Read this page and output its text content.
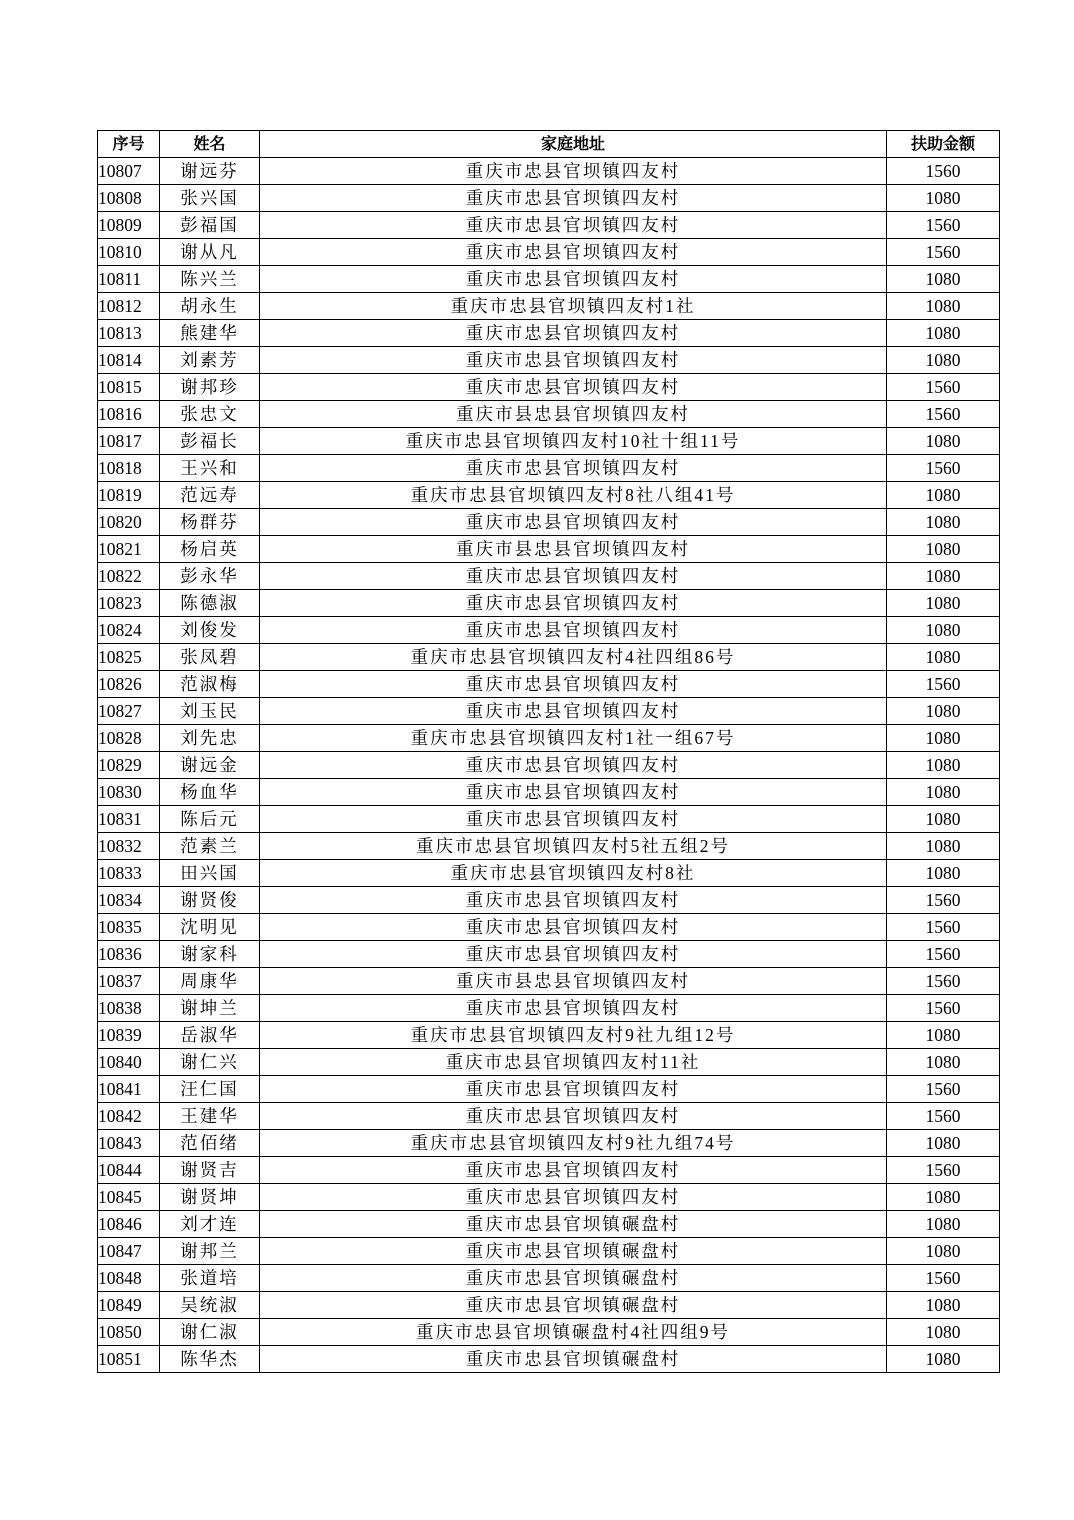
序号	姓名	家庭地址	扶助金额
10807	谢远芬	重庆市忠县官坝镇四友村	1560
10808	张兴国	重庆市忠县官坝镇四友村	1080
10809	彭福国	重庆市忠县官坝镇四友村	1560
10810	谢从凡	重庆市忠县官坝镇四友村	1560
10811	陈兴兰	重庆市忠县官坝镇四友村	1080
10812	胡永生	重庆市忠县官坝镇四友村1社	1080
10813	熊建华	重庆市忠县官坝镇四友村	1080
10814	刘素芳	重庆市忠县官坝镇四友村	1080
10815	谢邦珍	重庆市忠县官坝镇四友村	1560
10816	张忠文	重庆市县忠县官坝镇四友村	1560
10817	彭福长	重庆市忠县官坝镇四友村10社十组11号	1080
10818	王兴和	重庆市忠县官坝镇四友村	1560
10819	范远寿	重庆市忠县官坝镇四友村8社八组41号	1080
10820	杨群芬	重庆市忠县官坝镇四友村	1080
10821	杨启英	重庆市县忠县官坝镇四友村	1080
10822	彭永华	重庆市忠县官坝镇四友村	1080
10823	陈德淑	重庆市忠县官坝镇四友村	1080
10824	刘俊发	重庆市忠县官坝镇四友村	1080
10825	张凤碧	重庆市忠县官坝镇四友村4社四组86号	1080
10826	范淑梅	重庆市忠县官坝镇四友村	1560
10827	刘玉民	重庆市忠县官坝镇四友村	1080
10828	刘先忠	重庆市忠县官坝镇四友村1社一组67号	1080
10829	谢远金	重庆市忠县官坝镇四友村	1080
10830	杨血华	重庆市忠县官坝镇四友村	1080
10831	陈后元	重庆市忠县官坝镇四友村	1080
10832	范素兰	重庆市忠县官坝镇四友村5社五组2号	1080
10833	田兴国	重庆市忠县官坝镇四友村8社	1080
10834	谢贤俊	重庆市忠县官坝镇四友村	1560
10835	沈明见	重庆市忠县官坝镇四友村	1560
10836	谢家科	重庆市忠县官坝镇四友村	1560
10837	周康华	重庆市县忠县官坝镇四友村	1560
10838	谢坤兰	重庆市忠县官坝镇四友村	1560
10839	岳淑华	重庆市忠县官坝镇四友村9社九组12号	1080
10840	谢仁兴	重庆市忠县官坝镇四友村11社	1080
10841	汪仁国	重庆市忠县官坝镇四友村	1560
10842	王建华	重庆市忠县官坝镇四友村	1560
10843	范佰绪	重庆市忠县官坝镇四友村9社九组74号	1080
10844	谢贤吉	重庆市忠县官坝镇四友村	1560
10845	谢贤坤	重庆市忠县官坝镇四友村	1080
10846	刘才连	重庆市忠县官坝镇碾盘村	1080
10847	谢邦兰	重庆市忠县官坝镇碾盘村	1080
10848	张道培	重庆市忠县官坝镇碾盘村	1560
10849	吴统淑	重庆市忠县官坝镇碾盘村	1080
10850	谢仁淑	重庆市忠县官坝镇碾盘村4社四组9号	1080
10851	陈华杰	重庆市忠县官坝镇碾盘村	1080
